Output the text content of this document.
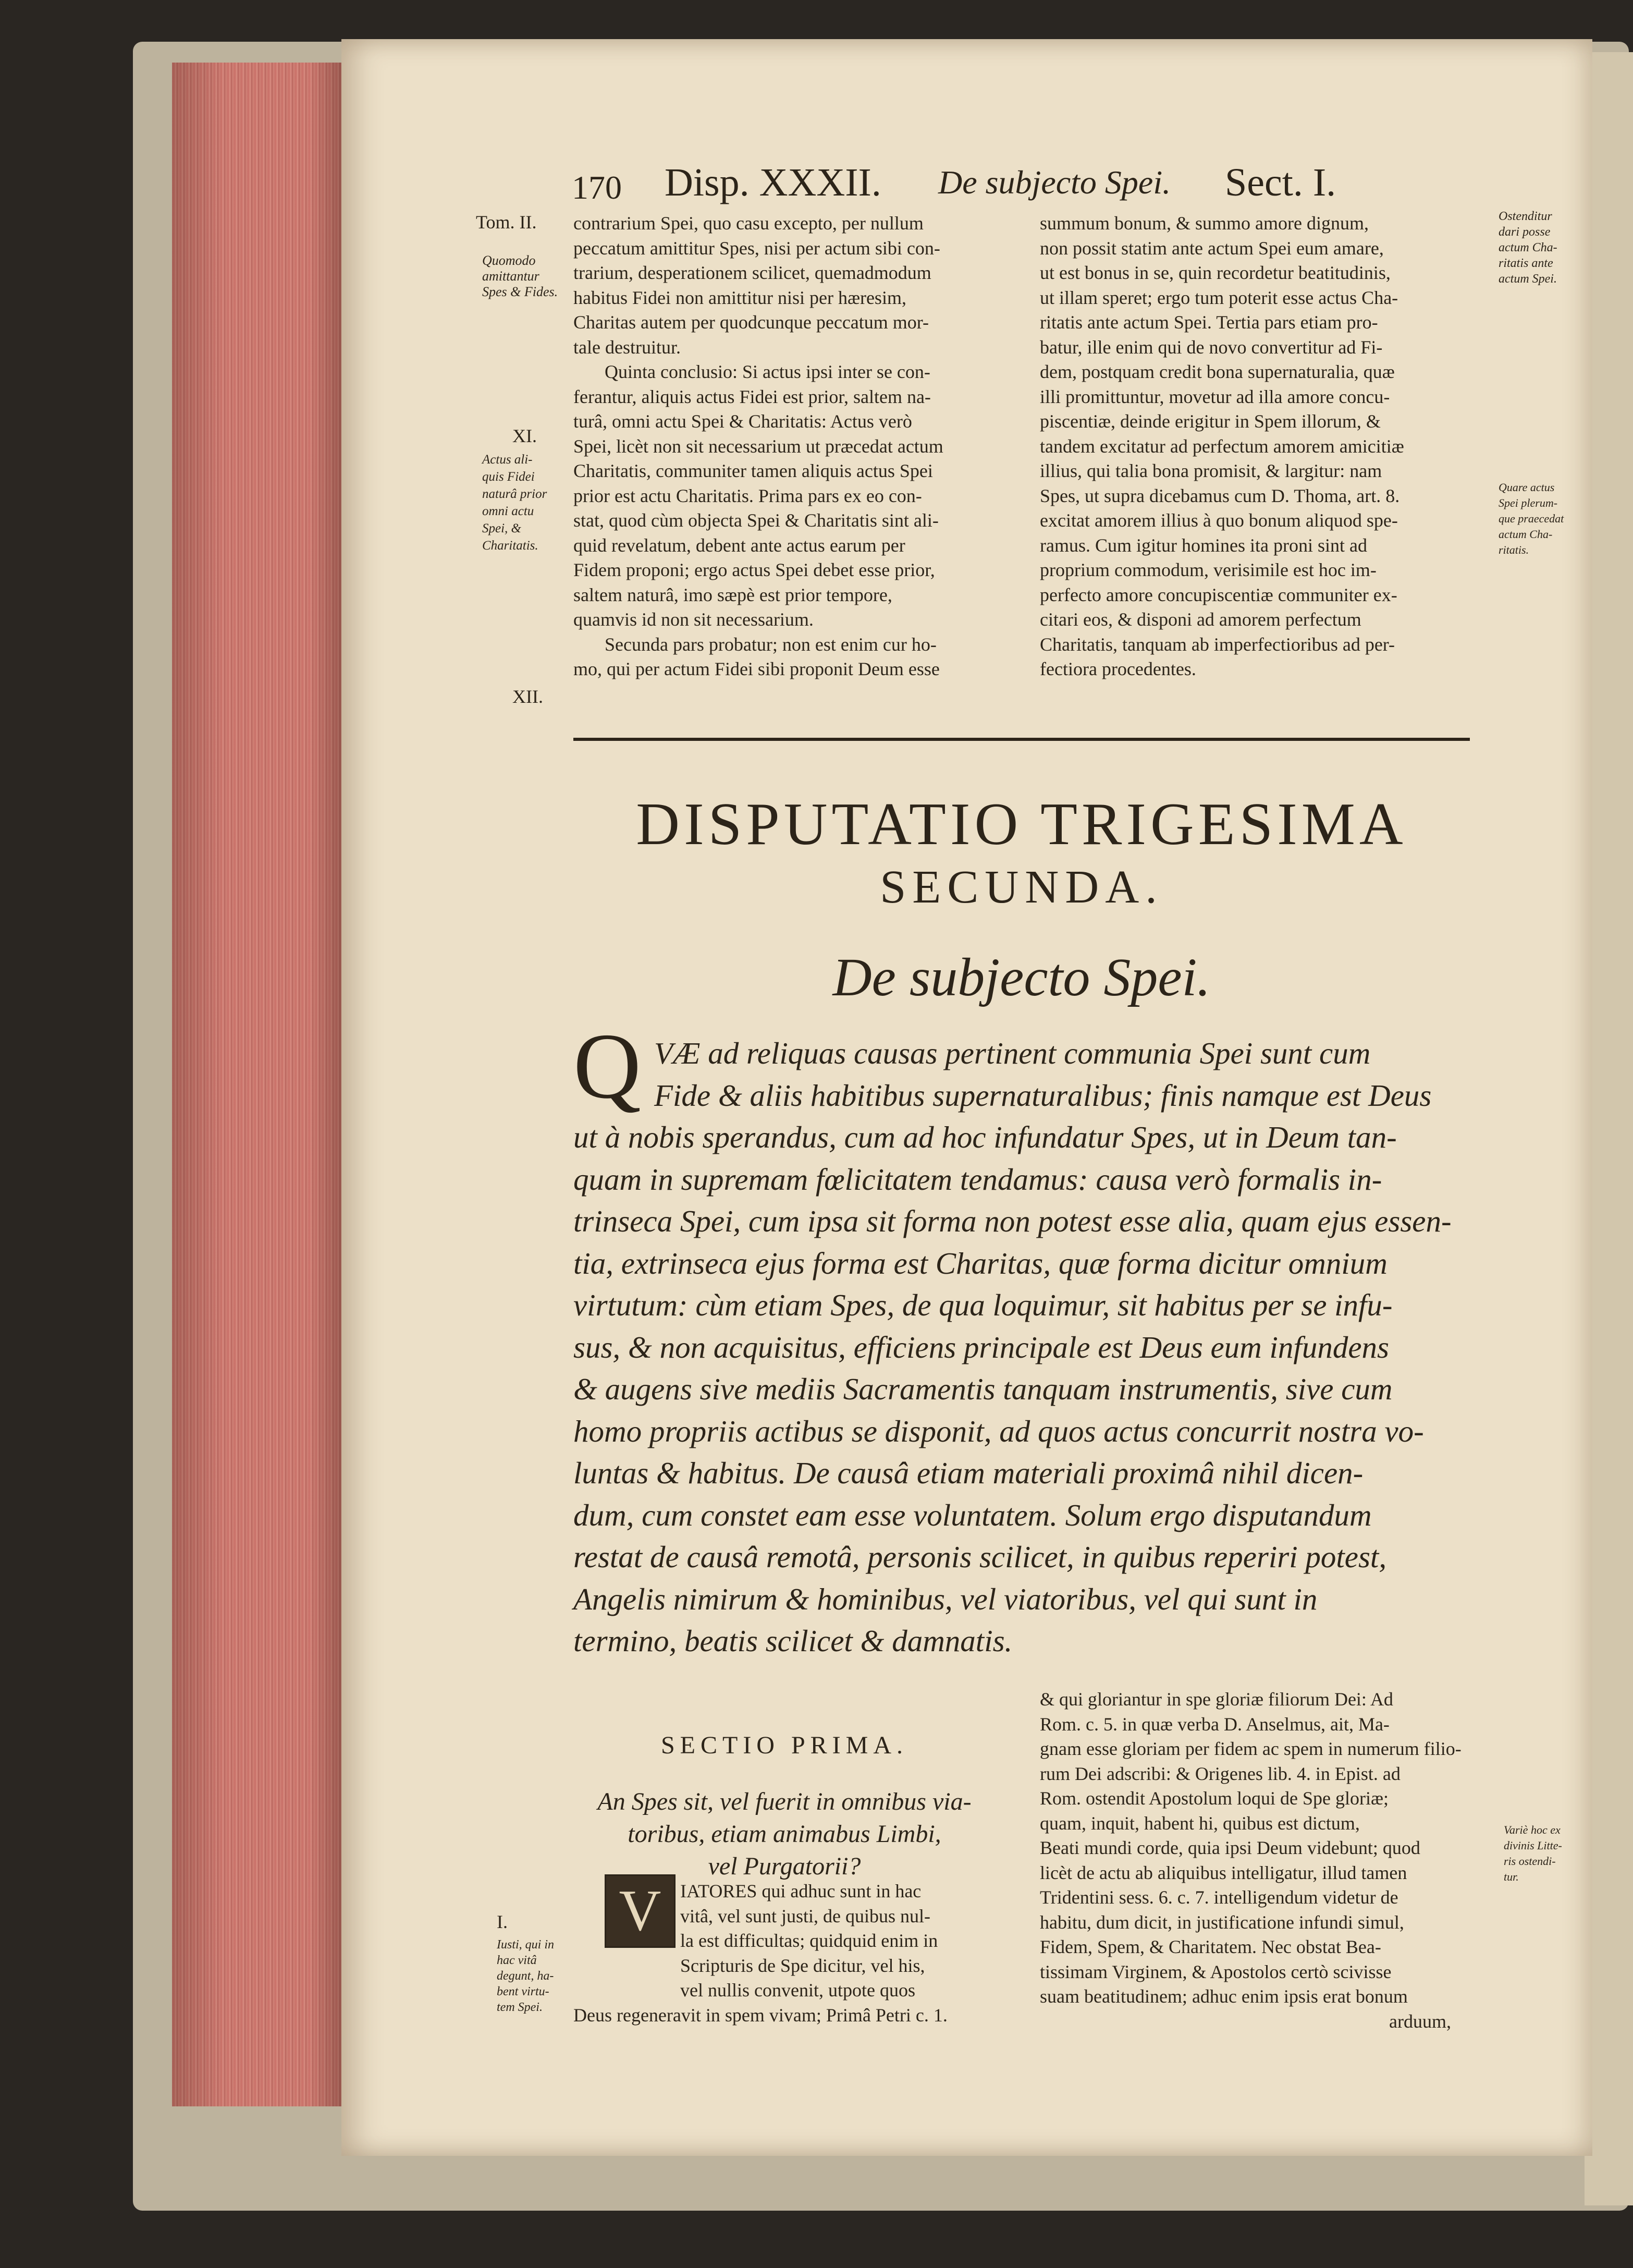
170 Disp. XXXII. De subjecto Spei. Sect. I.
Tom. II.
Quomodo
amittantur
Spes & Fides.
XI.
Actus ali-
quis Fidei
naturâ prior
omni actu
Spei, &
Charitatis.
XII.
contrarium Spei, quo casu excepto, per nullum
peccatum amittitur Spes, nisi per actum sibi con-
trarium, desperationem scilicet, quemadmodum
habitus Fidei non amittitur nisi per hæresim,
Charitas autem per quodcunque peccatum mor-
tale destruitur.
Quinta conclusio: Si actus ipsi inter se con-
ferantur, aliquis actus Fidei est prior, saltem na-
turâ, omni actu Spei & Charitatis: Actus verò
Spei, licèt non sit necessarium ut præcedat actum
Charitatis, communiter tamen aliquis actus Spei
prior est actu Charitatis. Prima pars ex eo con-
stat, quod cùm objecta Spei & Charitatis sint ali-
quid revelatum, debent ante actus earum per
Fidem proponi; ergo actus Spei debet esse prior,
saltem naturâ, imo sæpè est prior tempore,
quamvis id non sit necessarium.
Secunda pars probatur; non est enim cur ho-
mo, qui per actum Fidei sibi proponit Deum esse
summum bonum, & summo amore dignum,
non possit statim ante actum Spei eum amare,
ut est bonus in se, quin recordetur beatitudinis,
ut illam speret; ergo tum poterit esse actus Cha-
ritatis ante actum Spei. Tertia pars etiam pro-
batur, ille enim qui de novo convertitur ad Fi-
dem, postquam credit bona supernaturalia, quæ
illi promittuntur, movetur ad illa amore concu-
piscentiæ, deinde erigitur in Spem illorum, &
tandem excitatur ad perfectum amorem amicitiæ
illius, qui talia bona promisit, & largitur: nam
Spes, ut supra dicebamus cum D. Thoma, art. 8.
excitat amorem illius à quo bonum aliquod spe-
ramus. Cum igitur homines ita proni sint ad
proprium commodum, verisimile est hoc im-
perfecto amore concupiscentiæ communiter ex-
citari eos, & disponi ad amorem perfectum
Charitatis, tanquam ab imperfectioribus ad per-
fectiora procedentes.
Ostenditur
dari posse
actum Cha-
ritatis ante
actum Spei.
Quare actus
Spei plerum-
que praecedat
actum Cha-
ritatis.
DISPUTATIO TRIGESIMA
SECUNDA.
De subjecto Spei.
Q VÆ ad reliquas causas pertinent communia Spei sunt cum
Fide & aliis habitibus supernaturalibus; finis namque est Deus
ut à nobis sperandus, cum ad hoc infundatur Spes, ut in Deum tan-
quam in supremam fœlicitatem tendamus: causa verò formalis in-
trinseca Spei, cum ipsa sit forma non potest esse alia, quam ejus essen-
tia, extrinseca ejus forma est Charitas, quæ forma dicitur omnium
virtutum: cùm etiam Spes, de qua loquimur, sit habitus per se infu-
sus, & non acquisitus, efficiens principale est Deus eum infundens
& augens sive mediis Sacramentis tanquam instrumentis, sive cum
homo propriis actibus se disponit, ad quos actus concurrit nostra vo-
luntas & habitus. De causâ etiam materiali proximâ nihil dicen-
dum, cum constet eam esse voluntatem. Solum ergo disputandum
restat de causâ remotâ, personis scilicet, in quibus reperiri potest,
Angelis nimirum & hominibus, vel viatoribus, vel qui sunt in
termino, beatis scilicet & damnatis.
SECTIO PRIMA.
An Spes sit, vel fuerit in omnibus via-
toribus, etiam animabus Limbi,
vel Purgatorii?
I.
Iusti, qui in
hac vitâ
degunt, ha-
bent virtu-
tem Spei.
V	IATORES qui adhuc sunt in hac
vitâ, vel sunt justi, de quibus nul-
la est difficultas; quidquid enim in
Scripturis de Spe dicitur, vel his,
vel nullis convenit, utpote quos
Deus regeneravit in spem vivam; Primâ Petri c. 1.
& qui gloriantur in spe gloriæ filiorum Dei: Ad
Rom. c. 5. in quæ verba D. Anselmus, ait, Ma-
gnam esse gloriam per fidem ac spem in numerum filio-
rum Dei adscribi: & Origenes lib. 4. in Epist. ad
Rom. ostendit Apostolum loqui de Spe gloriæ;
quam, inquit, habent hi, quibus est dictum,
Beati mundi corde, quia ipsi Deum videbunt; quod
licèt de actu ab aliquibus intelligatur, illud tamen
Tridentini sess. 6. c. 7. intelligendum videtur de
habitu, dum dicit, in justificatione infundi simul,
Fidem, Spem, & Charitatem. Nec obstat Bea-
tissimam Virginem, & Apostolos certò scivisse
suam beatitudinem; adhuc enim ipsis erat bonum
arduum,
Variè hoc ex
divinis Litte-
ris ostendi-
tur.
